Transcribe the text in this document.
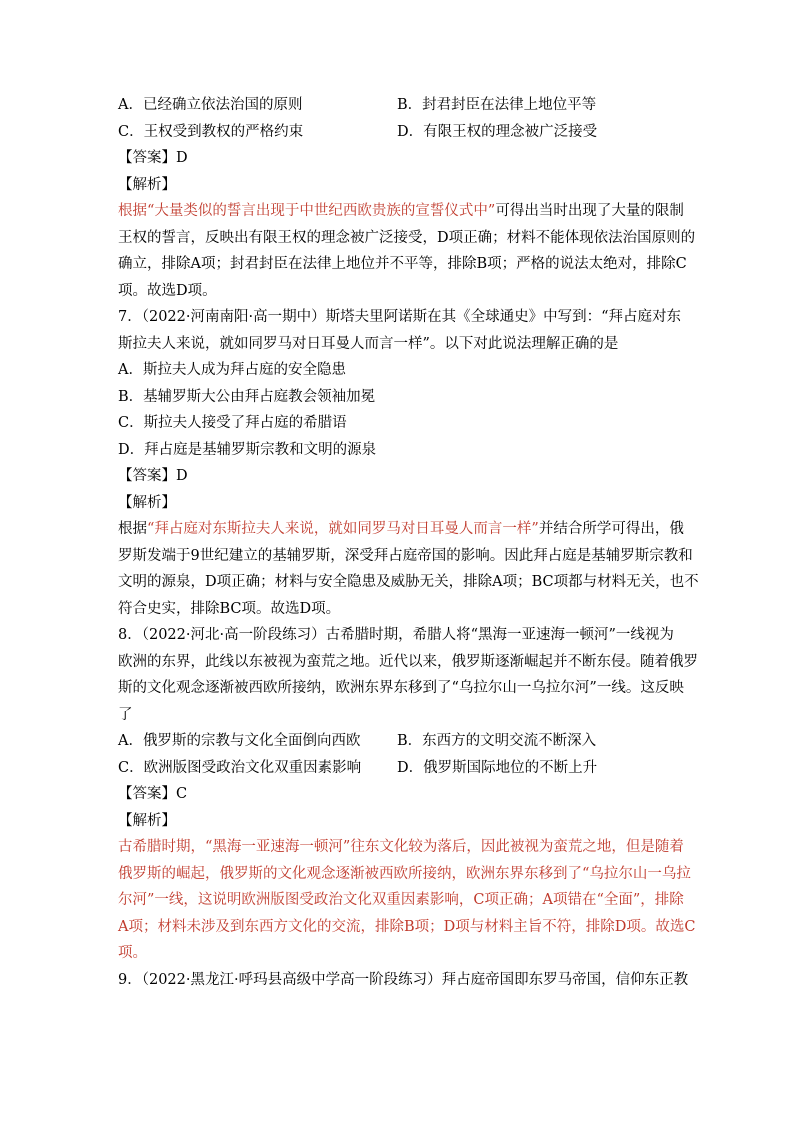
A．已经确立依法治国的原则	B．封君封臣在法律上地位平等
C．王权受到教权的严格约束	D．有限王权的理念被广泛接受
【答案】D
【解析】
根据“大量类似的誓言出现于中世纪西欧贵族的宣誓仪式中”可得出当时出现了大量的限制
王权的誓言，反映出有限王权的理念被广泛接受，D项正确；材料不能体现依法治国原则的
确立，排除A项；封君封臣在法律上地位并不平等，排除B项；严格的说法太绝对，排除C
项。故选D项。
7．（2022·河南南阳·高一期中）斯塔夫里阿诺斯在其《全球通史》中写到：“拜占庭对东
斯拉夫人来说，就如同罗马对日耳曼人而言一样”。以下对此说法理解正确的是
A．斯拉夫人成为拜占庭的安全隐患
B．基辅罗斯大公由拜占庭教会领袖加冕
C．斯拉夫人接受了拜占庭的希腊语
D．拜占庭是基辅罗斯宗教和文明的源泉
【答案】D
【解析】
根据“拜占庭对东斯拉夫人来说，就如同罗马对日耳曼人而言一样”并结合所学可得出，俄
罗斯发端于9世纪建立的基辅罗斯，深受拜占庭帝国的影响。因此拜占庭是基辅罗斯宗教和
文明的源泉，D项正确；材料与安全隐患及威胁无关，排除A项；BC项都与材料无关，也不
符合史实，排除BC项。故选D项。
8．（2022·河北·高一阶段练习）古希腊时期，希腊人将“黑海一亚速海一顿河”一线视为
欧洲的东界，此线以东被视为蛮荒之地。近代以来，俄罗斯逐渐崛起并不断东侵。随着俄罗
斯的文化观念逐渐被西欧所接纳，欧洲东界东移到了“乌拉尔山一乌拉尔河”一线。这反映
了
A．俄罗斯的宗教与文化全面倒向西欧	B．东西方的文明交流不断深入
C．欧洲版图受政治文化双重因素影响	D．俄罗斯国际地位的不断上升
【答案】C
【解析】
古希腊时期，“黑海一亚速海一顿河”往东文化较为落后，因此被视为蛮荒之地，但是随着
俄罗斯的崛起，俄罗斯的文化观念逐渐被西欧所接纳，欧洲东界东移到了“乌拉尔山一乌拉
尔河”一线，这说明欧洲版图受政治文化双重因素影响，C项正确；A项错在“全面”，排除
A项；材料未涉及到东西方文化的交流，排除B项；D项与材料主旨不符，排除D项。故选C
项。
9．（2022·黑龙江·呼玛县高级中学高一阶段练习）拜占庭帝国即东罗马帝国，信仰东正教
